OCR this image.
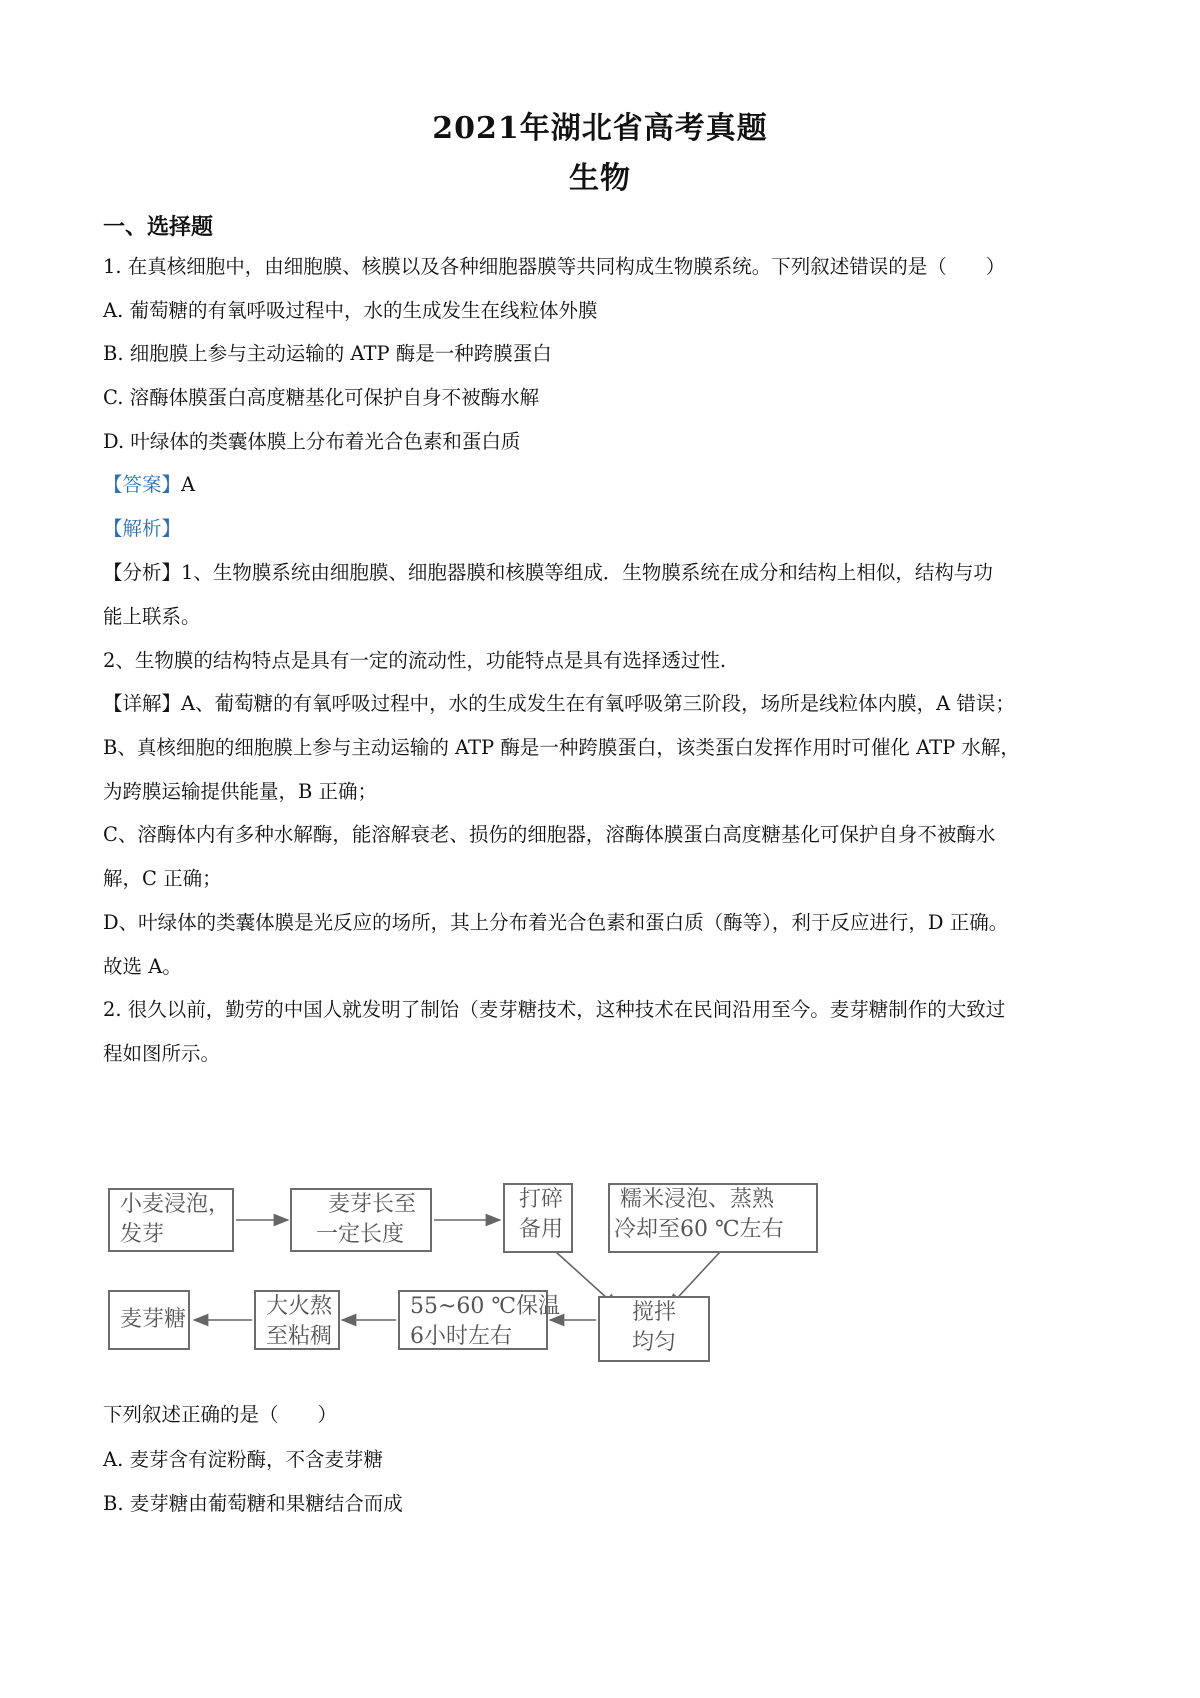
2021年湖北省高考真题
生物
一、选择题
1. 在真核细胞中，由细胞膜、核膜以及各种细胞器膜等共同构成生物膜系统。下列叙述错误的是（　　）
A. 葡萄糖的有氧呼吸过程中，水的生成发生在线粒体外膜
B. 细胞膜上参与主动运输的 ATP 酶是一种跨膜蛋白
C. 溶酶体膜蛋白高度糖基化可保护自身不被酶水解
D. 叶绿体的类囊体膜上分布着光合色素和蛋白质
【答案】A
【解析】
【分析】1、生物膜系统由细胞膜、细胞器膜和核膜等组成．生物膜系统在成分和结构上相似，结构与功
能上联系。
2、生物膜的结构特点是具有一定的流动性，功能特点是具有选择透过性.
【详解】A、葡萄糖的有氧呼吸过程中，水的生成发生在有氧呼吸第三阶段，场所是线粒体内膜，A 错误；
B、真核细胞的细胞膜上参与主动运输的 ATP 酶是一种跨膜蛋白，该类蛋白发挥作用时可催化 ATP 水解，
为跨膜运输提供能量，B 正确；
C、溶酶体内有多种水解酶，能溶解衰老、损伤的细胞器，溶酶体膜蛋白高度糖基化可保护自身不被酶水
解，C 正确；
D、叶绿体的类囊体膜是光反应的场所，其上分布着光合色素和蛋白质（酶等），利于反应进行，D 正确。
故选 A。
2. 很久以前，勤劳的中国人就发明了制饴（麦芽糖技术，这种技术在民间沿用至今。麦芽糖制作的大致过
程如图所示。
小麦浸泡，
发芽
麦芽长至
一定长度
打碎
备用
糯米浸泡、蒸熟
冷却至60 ℃左右
麦芽糖
大火熬
至粘稠
55~60 ℃保温
6小时左右
搅拌
均匀
下列叙述正确的是（　　）
A. 麦芽含有淀粉酶，不含麦芽糖
B. 麦芽糖由葡萄糖和果糖结合而成
